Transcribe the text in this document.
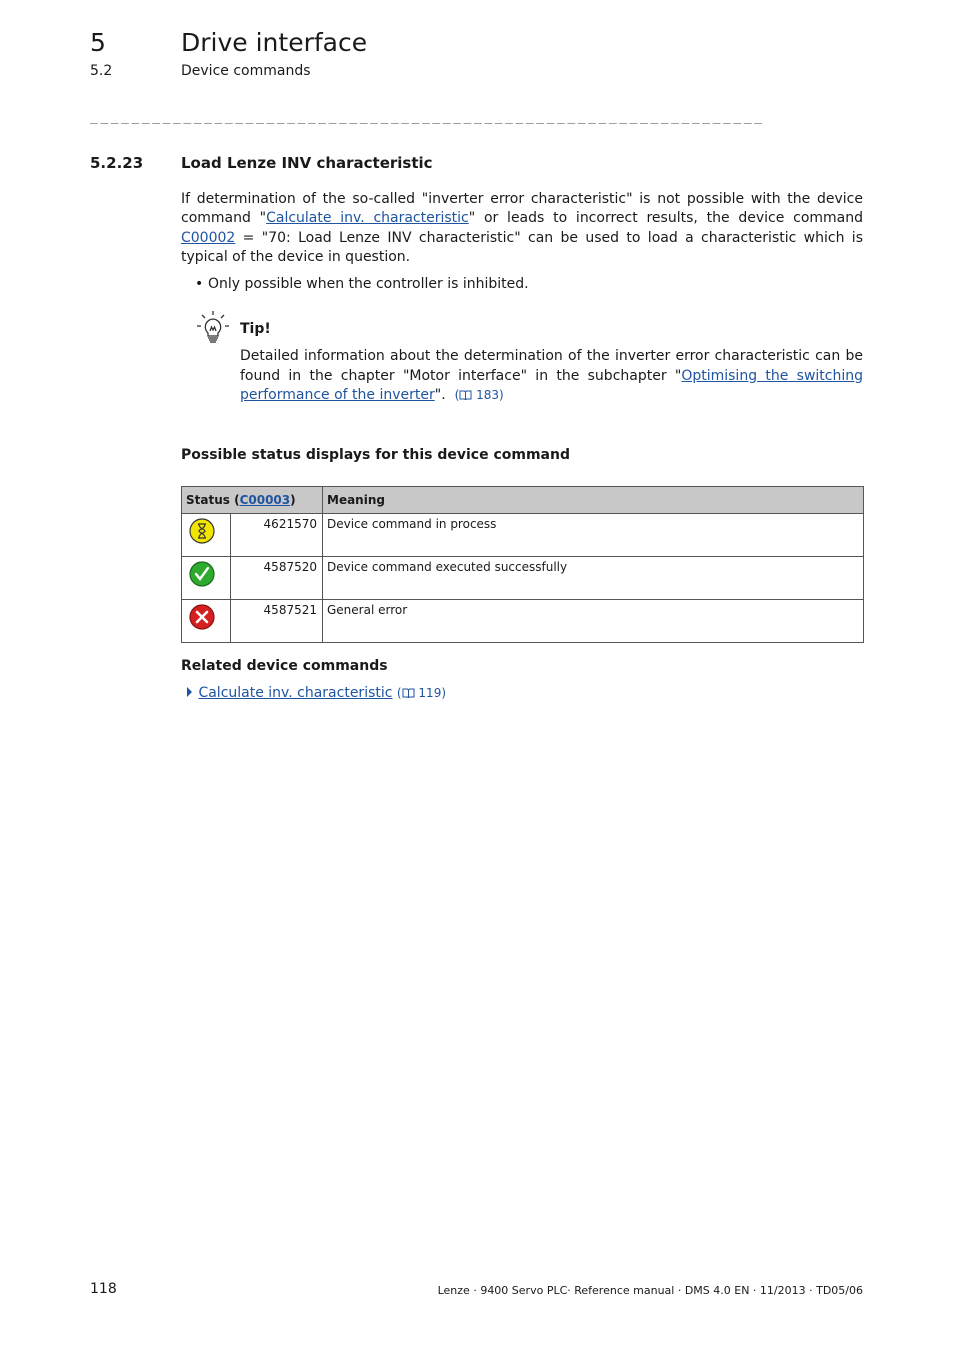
5	Drive interface
5.2	Device commands
_________________________________________________________________
5.2.23	Load Lenze INV characteristic
If determination of the so-called "inverter error characteristic" is not possible with the device command "Calculate inv. characteristic" or leads to incorrect results, the device command C00002 = "70: Load Lenze INV characteristic" can be used to load a characteristic which is typical of the device in question.
• Only possible when the controller is inhibited.
Tip!
Detailed information about the determination of the inverter error characteristic can be found in the chapter "Motor interface" in the subchapter "Optimising the switching performance of the inverter". ( 183)
Possible status displays for this device command
Status (C00003)		Meaning
	4621570	Device command in process
	4587520	Device command executed successfully
	4587521	General error
Related device commands
Calculate inv. characteristic ( 119)
118	Lenze · 9400 Servo PLC· Reference manual · DMS 4.0 EN · 11/2013 · TD05/06
